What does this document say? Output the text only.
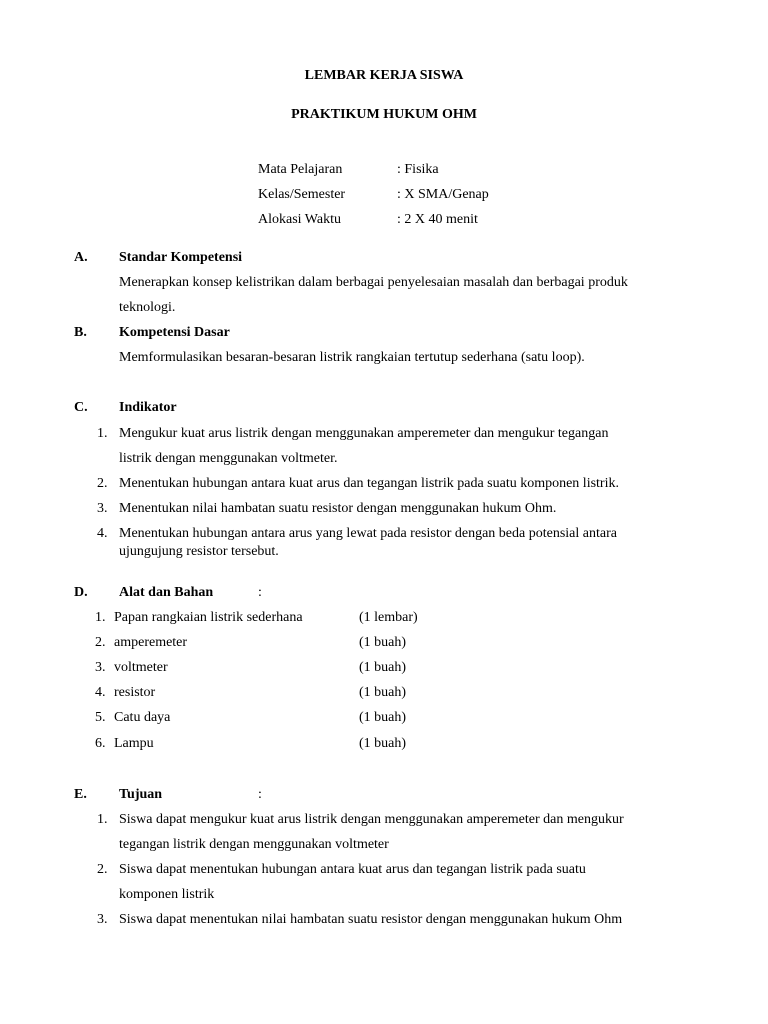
LEMBAR KERJA SISWA
PRAKTIKUM HUKUM OHM
Mata Pelajaran	: Fisika
Kelas/Semester	: X SMA/Genap
Alokasi Waktu	: 2 X 40 menit
A. Standar Kompetensi
Menerapkan konsep kelistrikan dalam berbagai penyelesaian masalah dan berbagai produk
teknologi.
B. Kompetensi Dasar
Memformulasikan besaran-besaran listrik rangkaian tertutup sederhana (satu loop).
C. Indikator
1. Mengukur kuat arus listrik dengan menggunakan amperemeter dan mengukur tegangan
listrik dengan menggunakan voltmeter.
2. Menentukan hubungan antara kuat arus dan tegangan listrik pada suatu komponen listrik.
3. Menentukan nilai hambatan suatu resistor dengan menggunakan hukum Ohm.
4. Menentukan hubungan antara arus yang lewat pada resistor dengan beda potensial antara
ujungujung resistor tersebut.
D. Alat dan Bahan	:
1. Papan rangkaian listrik sederhana	(1 lembar)
2. amperemeter	(1 buah)
3. voltmeter	(1 buah)
4. resistor	(1 buah)
5. Catu daya	(1 buah)
6. Lampu	(1 buah)
E. Tujuan	:
1. Siswa dapat mengukur kuat arus listrik dengan menggunakan amperemeter dan mengukur
tegangan listrik dengan menggunakan voltmeter
2. Siswa dapat menentukan hubungan antara kuat arus dan tegangan listrik pada suatu
komponen listrik
3. Siswa dapat menentukan nilai hambatan suatu resistor dengan menggunakan hukum Ohm
